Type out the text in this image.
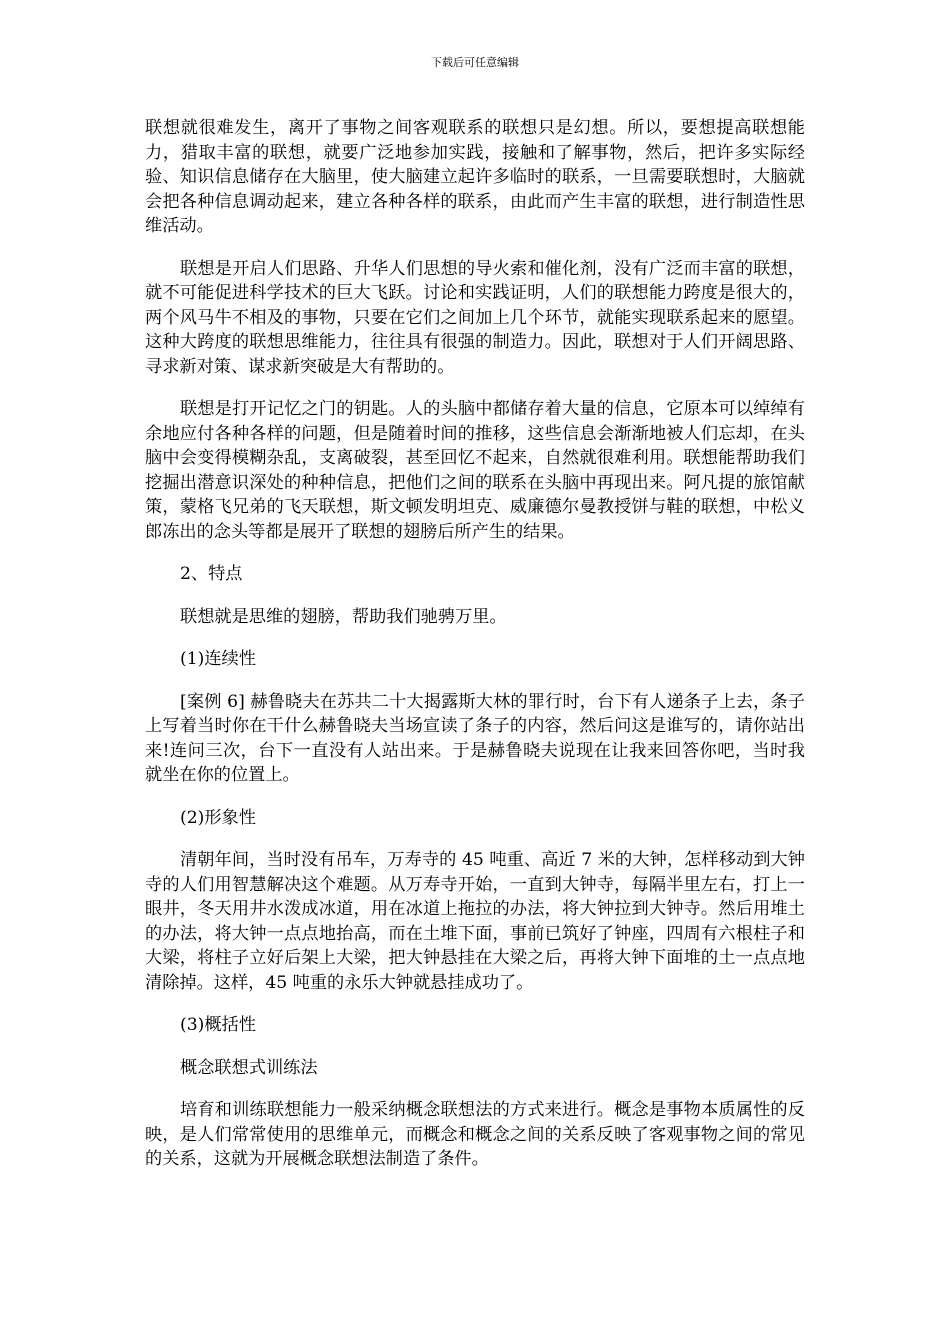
下载后可任意编辑

联想就很难发生，离开了事物之间客观联系的联想只是幻想。所以，要想提高联想能力，猎取丰富的联想，就要广泛地参加实践，接触和了解事物，然后，把许多实际经验、知识信息储存在大脑里，使大脑建立起许多临时的联系，一旦需要联想时，大脑就会把各种信息调动起来，建立各种各样的联系，由此而产生丰富的联想，进行制造性思维活动。

联想是开启人们思路、升华人们思想的导火索和催化剂，没有广泛而丰富的联想，就不可能促进科学技术的巨大飞跃。讨论和实践证明，人们的联想能力跨度是很大的，两个风马牛不相及的事物，只要在它们之间加上几个环节，就能实现联系起来的愿望。这种大跨度的联想思维能力，往往具有很强的制造力。因此，联想对于人们开阔思路、寻求新对策、谋求新突破是大有帮助的。

联想是打开记忆之门的钥匙。人的头脑中都储存着大量的信息，它原本可以绰绰有余地应付各种各样的问题，但是随着时间的推移，这些信息会渐渐地被人们忘却，在头脑中会变得模糊杂乱，支离破裂，甚至回忆不起来，自然就很难利用。联想能帮助我们挖掘出潜意识深处的种种信息，把他们之间的联系在头脑中再现出来。阿凡提的旅馆献策，蒙格飞兄弟的飞天联想，斯文顿发明坦克、威廉德尔曼教授饼与鞋的联想，中松义郎冻出的念头等都是展开了联想的翅膀后所产生的结果。

2、特点

联想就是思维的翅膀，帮助我们驰骋万里。

(1)连续性

[案例 6] 赫鲁晓夫在苏共二十大揭露斯大林的罪行时，台下有人递条子上去，条子上写着当时你在干什么赫鲁晓夫当场宣读了条子的内容，然后问这是谁写的，请你站出来!连问三次，台下一直没有人站出来。于是赫鲁晓夫说现在让我来回答你吧，当时我就坐在你的位置上。

(2)形象性

清朝年间，当时没有吊车，万寿寺的 45 吨重、高近 7 米的大钟，怎样移动到大钟寺的人们用智慧解决这个难题。从万寿寺开始，一直到大钟寺，每隔半里左右，打上一眼井，冬天用井水泼成冰道，用在冰道上拖拉的办法，将大钟拉到大钟寺。然后用堆土的办法，将大钟一点点地抬高，而在土堆下面，事前已筑好了钟座，四周有六根柱子和大梁，将柱子立好后架上大梁，把大钟悬挂在大梁之后，再将大钟下面堆的土一点点地清除掉。这样，45 吨重的永乐大钟就悬挂成功了。

(3)概括性

概念联想式训练法

培育和训练联想能力一般采纳概念联想法的方式来进行。概念是事物本质属性的反映，是人们常常使用的思维单元，而概念和概念之间的关系反映了客观事物之间的常见的关系，这就为开展概念联想法制造了条件。
